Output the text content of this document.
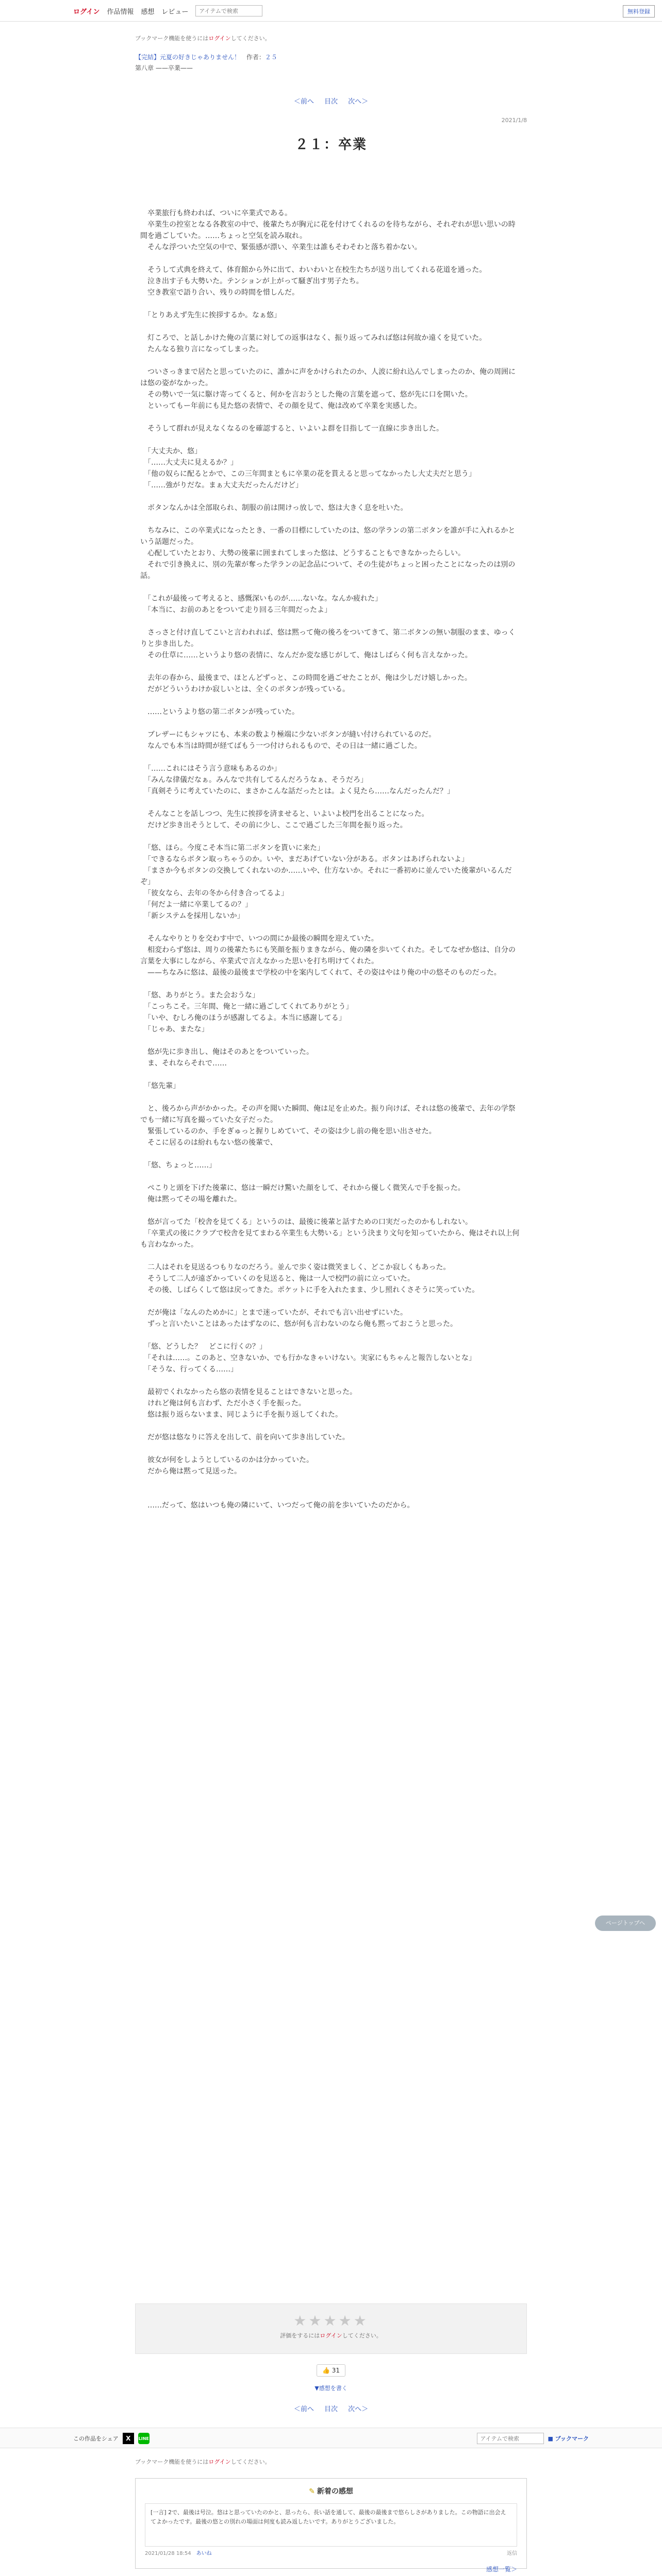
ログイン 作品情報 感想 レビュー
アイテムで検索	無料登録
ブックマーク機能を使うにはログインしてください。
【完結】元夏の好きじゃありません！ 作者：２５
第八章 ——卒業——
＜前へ 目次 次へ＞
2021/1/8
２１：卒業

　卒業旅行も終われば、ついに卒業式である。

　卒業生の控室となる各教室の中で、後輩たちが胸元に花を付けてくれるのを待ちながら、それぞれが思い思いの時間を過ごしていた。……ちょっと空気を読み取れ。

　そんな浮ついた空気の中で、緊張感が漂い、卒業生は誰もそわそわと落ち着かない。

　そうして式典を終えて、体育館から外に出て、わいわいと在校生たちが送り出してくれる花道を通った。

　泣き出す子も大勢いた。テンションが上がって騒ぎ出す男子たち。

　空き教室で語り合い、残りの時間を惜しんだ。

　「とりあえず先生に挨拶するか。なぁ悠」

　灯ころで、と話しかけた俺の言葉に対しての返事はなく、振り返ってみれば悠は何故か遠くを見ていた。

　たんなる独り言になってしまった。

　ついさっきまで居たと思っていたのに、誰かに声をかけられたのか、人波に紛れ込んでしまったのか、俺の周囲には悠の姿がなかった。

　その勢いで一気に駆け寄ってくると、何かを言おうとした俺の言葉を遮って、悠が先に口を開いた。

　といってもー年前にも見た悠の表情で、その顔を見て、俺は改めて卒業を実感した。

　そうして群れが見えなくなるのを確認すると、いよいよ群を目指して一直線に歩き出した。

　「大丈夫か、悠」

　「……大丈夫に見えるか？」

　「他の奴らに配るとかで、この三年間まともに卒業の花を貰えると思ってなかったし大丈夫だと思う」

　「……強がりだな。まぁ大丈夫だったんだけど」

　ボタンなんかは全部取られ、制服の前は開けっ放しで、悠は大きく息を吐いた。

　ちなみに、この卒業式になったとき、一番の目標にしていたのは、悠の学ランの第二ボタンを誰が手に入れるかという話題だった。

　心配していたとおり、大勢の後輩に囲まれてしまった悠は、どうすることもできなかったらしい。

　それで引き換えに、別の先輩が奪った学ランの記念品について、その生徒がちょっと困ったことになったのは別の話。

　「これが最後って考えると、感慨深いものが……ないな。なんか疲れた」

　「本当に、お前のあとをついて走り回る三年間だったよ」

　さっさと付け直してこいと言われれば、悠は黙って俺の後ろをついてきて、第二ボタンの無い制服のまま、ゆっくりと歩き出した。

　その仕草に……というより悠の表情に、なんだか変な感じがして、俺はしばらく何も言えなかった。

　去年の春から、最後まで、ほとんどずっと、この時間を過ごせたことが、俺は少しだけ嬉しかった。

　だがどういうわけか寂しいとは、全くのボタンが残っている。

　……というより悠の第二ボタンが残っていた。

　ブレザーにもシャツにも、本来の数より極端に少ないボタンが縫い付けられているのだ。

　なんでも本当は時間が経てばもう一つ付けられるもので、その日は一緒に過ごした。

　「……これにはそう言う意味もあるのか」

　「みんな律儀だなぁ。みんなで共有してるんだろうなぁ、そうだろ」

　「真剣そうに考えていたのに、まさかこんな話だったとは。よく見たら……なんだったんだ？」

　そんなことを話しつつ、先生に挨拶を済ませると、いよいよ校門を出ることになった。

　だけど歩き出そうとして、その前に少し、ここで過ごした三年間を振り返った。

　「悠、ほら。今度こそ本当に第二ボタンを貰いに来た」

　「できるならボタン取っちゃうのか。いや、まだあげていない分がある。ボタンはあげられないよ」

　「まさか今もボタンの交換してくれないのか……いや、仕方ないか。それに一番初めに並んでいた後輩がいるんだぞ」

　「彼女なら、去年の冬から付き合ってるよ」

　「何だよ一緒に卒業してるの？」

　「新システムを採用しないか」

　そんなやりとりを交わす中で、いつの間にか最後の瞬間を迎えていた。

　相変わらず悠は、周りの後輩たちにも笑顔を振りまきながら、俺の隣を歩いてくれた。そしてなぜか悠は、自分の言葉を大事にしながら、卒業式で言えなかった思いを打ち明けてくれた。

　——ちなみに悠は、最後の最後まで学校の中を案内してくれて、その姿はやはり俺の中の悠そのものだった。

　「悠、ありがとう。また会おうな」

　「こっちこそ。三年間、俺と一緒に過ごしてくれてありがとう」

　「いや、むしろ俺のほうが感謝してるよ。本当に感謝してる」

　「じゃあ、またな」

　悠が先に歩き出し、俺はそのあとをついていった。

　ま、それならそれで……

　「悠先輩」

　と、後ろから声がかかった。その声を聞いた瞬間、俺は足を止めた。振り向けば、それは悠の後輩で、去年の学祭でも一緒に写真を撮っていた女子だった。

　緊張しているのか、手をぎゅっと握りしめていて、その姿は少し前の俺を思い出させた。

　そこに居るのは紛れもない悠の後輩で、

　「悠、ちょっと……」

　ぺこりと頭を下げた後輩に、悠は一瞬だけ驚いた顔をして、それから優しく微笑んで手を振った。

　俺は黙ってその場を離れた。

　悠が言ってた「校舎を見てくる」というのは、最後に後輩と話すための口実だったのかもしれない。

　「卒業式の後にクラブで校舎を見てまわる卒業生も大勢いる」という決まり文句を知っていたから、俺はそれ以上何も言わなかった。

　二人はそれを見送るつもりなのだろう。並んで歩く姿は微笑ましく、どこか寂しくもあった。

　そうして二人が遠ざかっていくのを見送ると、俺は一人で校門の前に立っていた。

　その後、しばらくして悠は戻ってきた。ポケットに手を入れたまま、少し照れくさそうに笑っていた。

　だが俺は「なんのためかに」とまで迷っていたが、それでも言い出せずにいた。

　ずっと言いたいことはあったはずなのに、悠が何も言わないのなら俺も黙っておこうと思った。

　「悠、どうした？　どこに行くの？」

　「それは……。このあと、空きないか、でも行かなきゃいけない。実家にもちゃんと報告しないとな」

　「そうな、行ってくる……」

　最初でくれなかったら悠の表情を見ることはできないと思った。

　けれど俺は何も言わず、ただ小さく手を振った。

　悠は振り返らないまま、同じように手を振り返してくれた。

　だが悠は悠なりに答えを出して、前を向いて歩き出していた。

　彼女が何をしようとしているのかは分かっていた。

　だから俺は黙って見送った。

　……だって、悠はいつも俺の隣にいて、いつだって俺の前を歩いていたのだから。

★★★★★
評価をするにはログインしてください。
👍 31
▼感想を書く
＜前へ 目次 次へ＞
この作品をシェア	X	LINE
アイテムで検索	■ ブックマーク
ブックマーク機能を使うにはログインしてください。
✎ 新着の感想
[一言] 2で、最後は号泣。悠はと思っていたのかと、思ったら、長い話を通して、最後の最後まで悠らしさがありました。この物語に出会えてよかったです。最後の悠との別れの場面は何度も読み返したいです。ありがとうございました。
2021/01/28 18:54　 あいね	返信
感想一覧＞
ページトップへ
